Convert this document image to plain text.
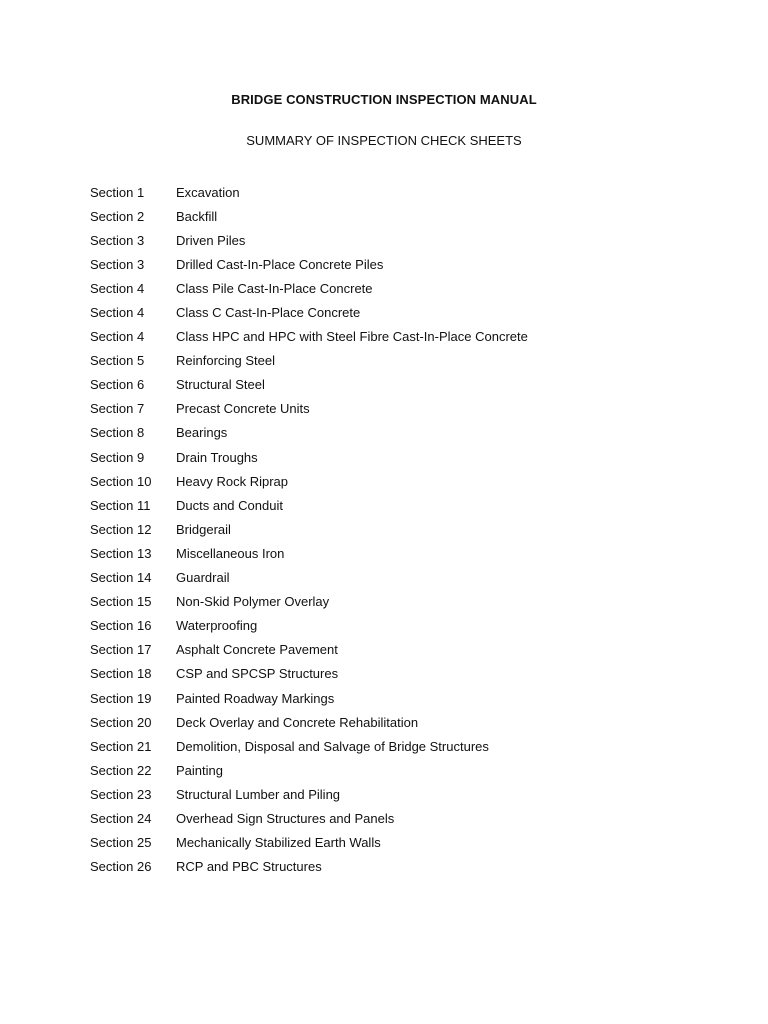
BRIDGE CONSTRUCTION INSPECTION MANUAL
SUMMARY OF INSPECTION CHECK SHEETS
Section 1	Excavation
Section 2	Backfill
Section 3	Driven Piles
Section 3	Drilled Cast-In-Place Concrete Piles
Section 4	Class Pile Cast-In-Place Concrete
Section 4	Class C Cast-In-Place Concrete
Section 4	Class HPC and HPC with Steel Fibre Cast-In-Place Concrete
Section 5	Reinforcing Steel
Section 6	Structural Steel
Section 7	Precast Concrete Units
Section 8	Bearings
Section 9	Drain Troughs
Section 10	Heavy Rock Riprap
Section 11	Ducts and Conduit
Section 12	Bridgerail
Section 13	Miscellaneous Iron
Section 14	Guardrail
Section 15	Non-Skid Polymer Overlay
Section 16	Waterproofing
Section 17	Asphalt Concrete Pavement
Section 18	CSP and SPCSP Structures
Section 19	Painted Roadway Markings
Section 20	Deck Overlay and Concrete Rehabilitation
Section 21	Demolition, Disposal and Salvage of Bridge Structures
Section 22	Painting
Section 23	Structural Lumber and Piling
Section 24	Overhead Sign Structures and Panels
Section 25	Mechanically Stabilized Earth Walls
Section 26	RCP and PBC Structures
